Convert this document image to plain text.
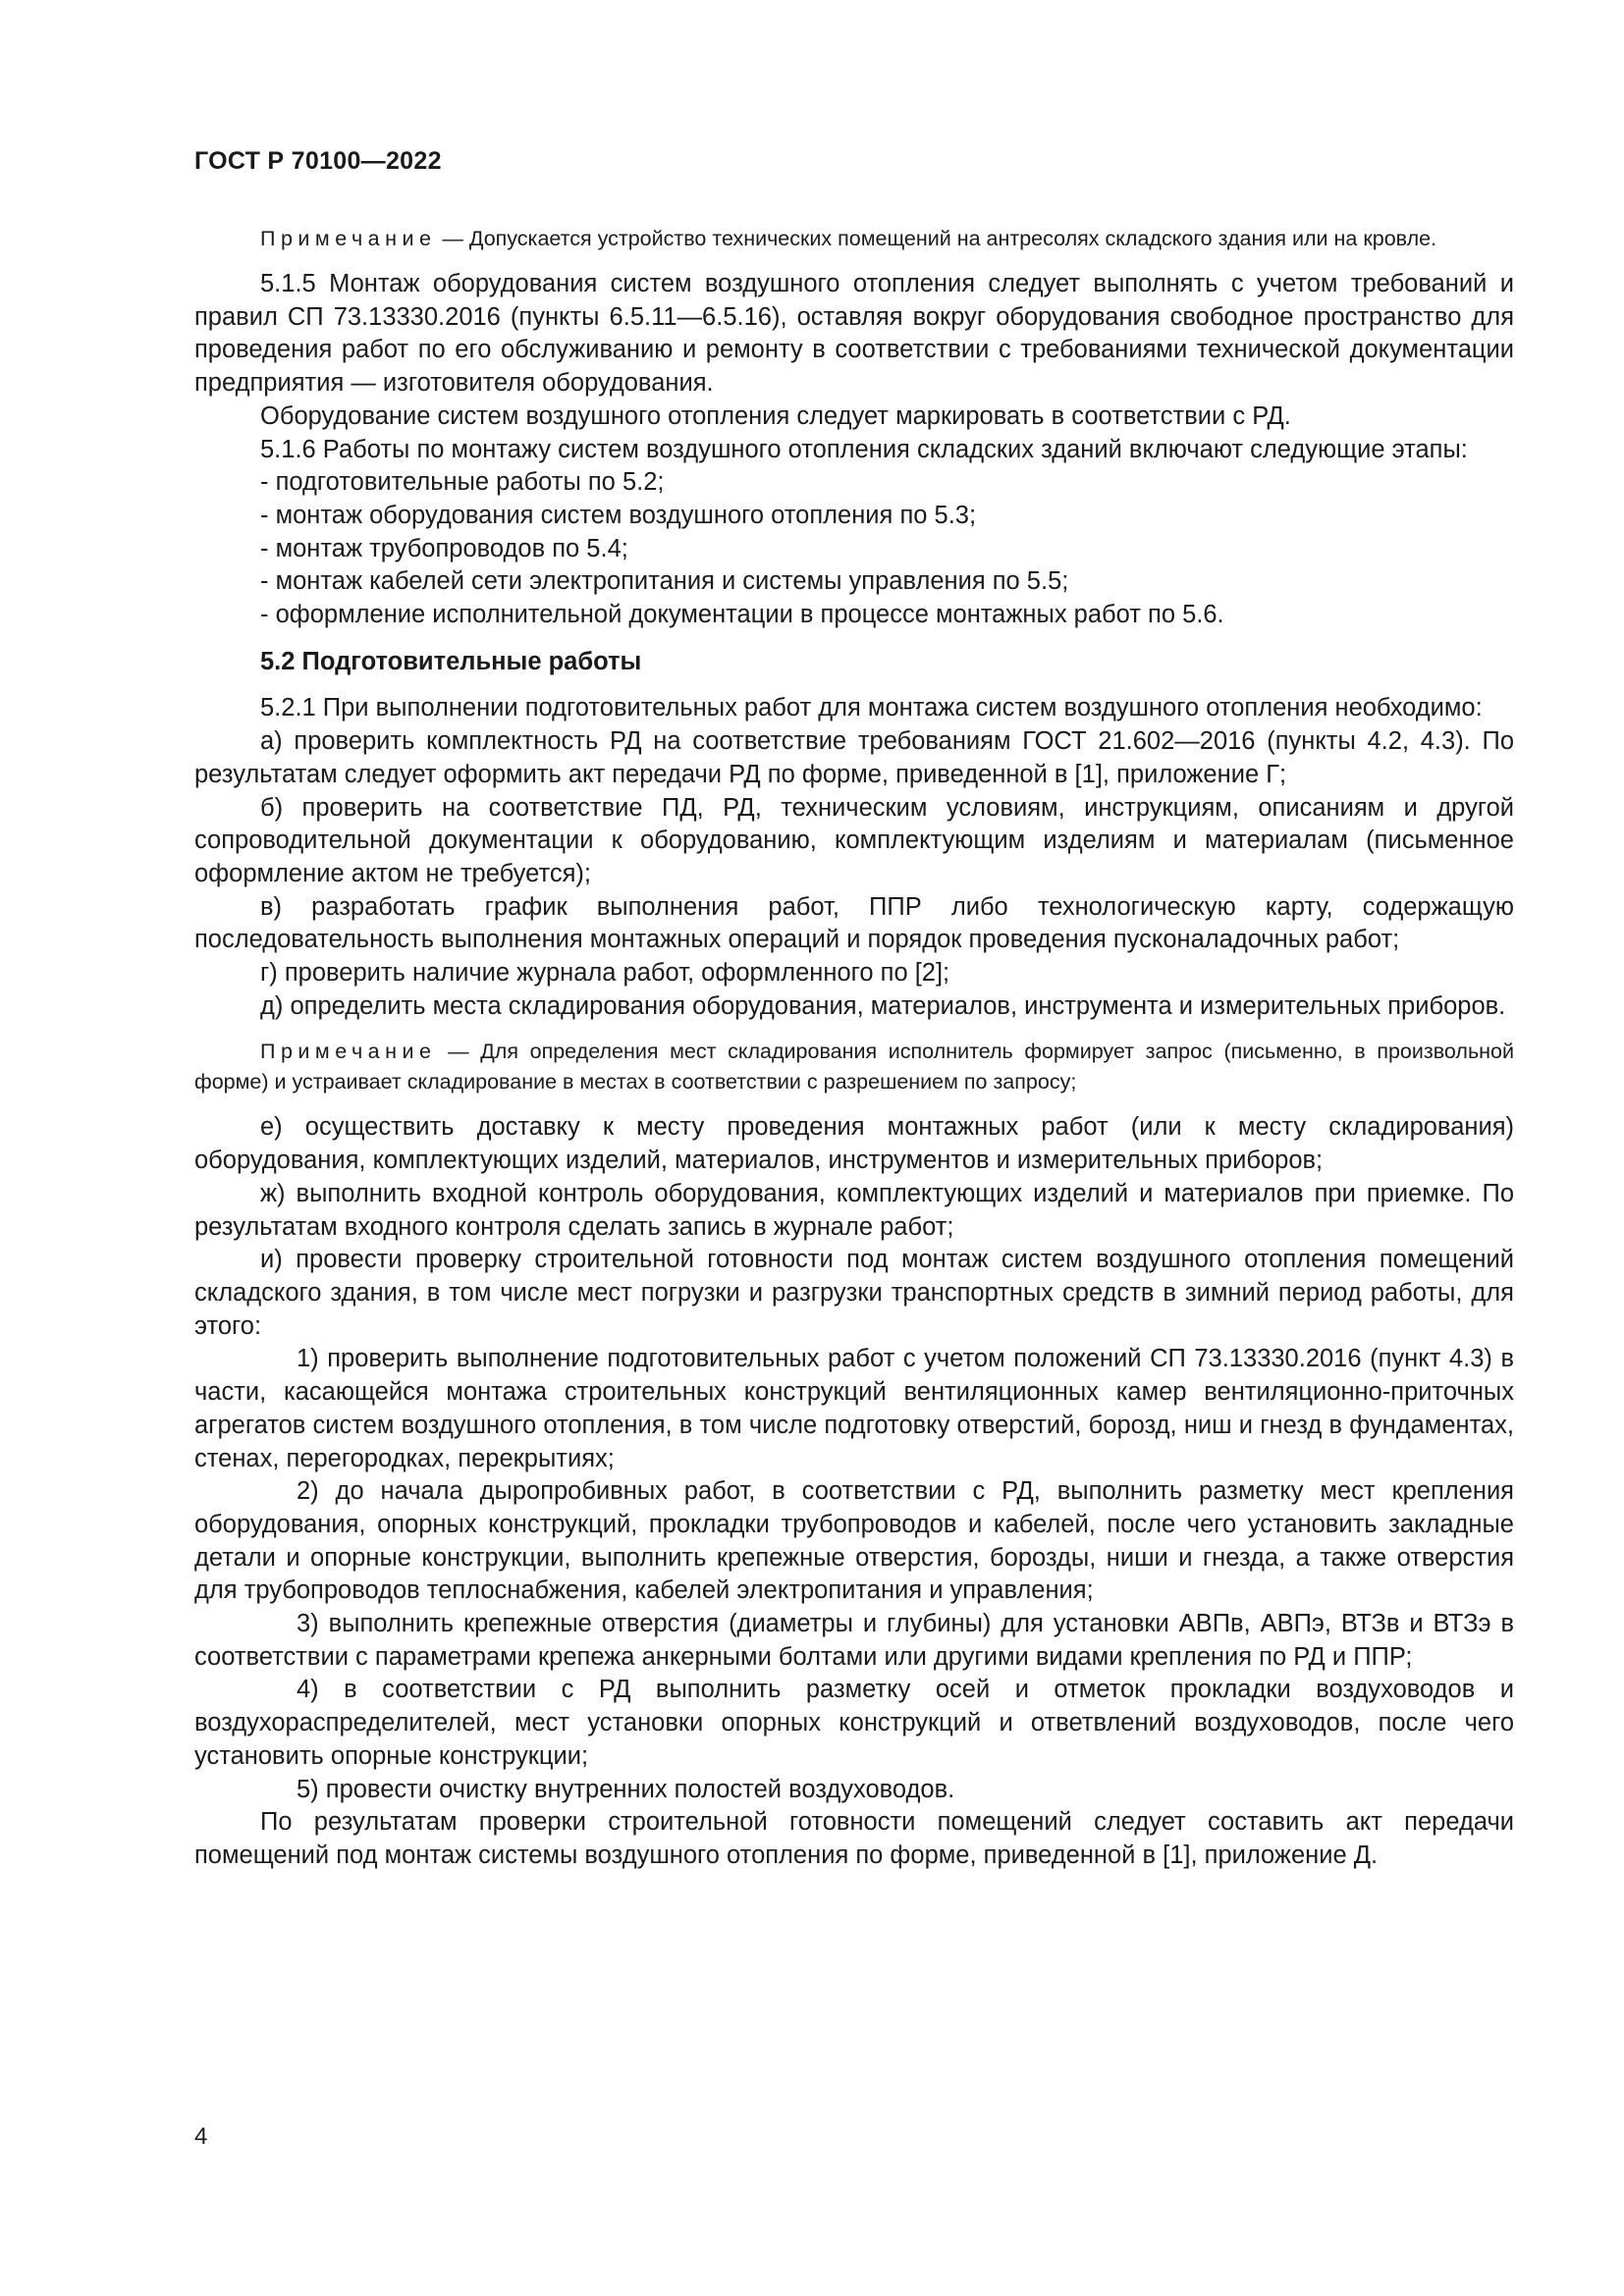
ГОСТ Р 70100—2022

Примечание — Допускается устройство технических помещений на антресолях складского здания или на кровле.

5.1.5 Монтаж оборудования систем воздушного отопления следует выполнять с учетом требований и правил СП 73.13330.2016 (пункты 6.5.11—6.5.16), оставляя вокруг оборудования свободное пространство для проведения работ по его обслуживанию и ремонту в соответствии с требованиями технической документации предприятия — изготовителя оборудования.

Оборудование систем воздушного отопления следует маркировать в соответствии с РД.

5.1.6 Работы по монтажу систем воздушного отопления складских зданий включают следующие этапы:

- подготовительные работы по 5.2;

- монтаж оборудования систем воздушного отопления по 5.3;

- монтаж трубопроводов по 5.4;

- монтаж кабелей сети электропитания и системы управления по 5.5;

- оформление исполнительной документации в процессе монтажных работ по 5.6.

5.2 Подготовительные работы

5.2.1 При выполнении подготовительных работ для монтажа систем воздушного отопления необходимо:

а) проверить комплектность РД на соответствие требованиям ГОСТ 21.602—2016 (пункты 4.2, 4.3). По результатам следует оформить акт передачи РД по форме, приведенной в [1], приложение Г;

б) проверить на соответствие ПД, РД, техническим условиям, инструкциям, описаниям и другой сопроводительной документации к оборудованию, комплектующим изделиям и материалам (письменное оформление актом не требуется);

в) разработать график выполнения работ, ППР либо технологическую карту, содержащую последовательность выполнения монтажных операций и порядок проведения пусконаладочных работ;

г) проверить наличие журнала работ, оформленного по [2];

д) определить места складирования оборудования, материалов, инструмента и измерительных приборов.

Примечание — Для определения мест складирования исполнитель формирует запрос (письменно, в произвольной форме) и устраивает складирование в местах в соответствии с разрешением по запросу;

е) осуществить доставку к месту проведения монтажных работ (или к месту складирования) оборудования, комплектующих изделий, материалов, инструментов и измерительных приборов;

ж) выполнить входной контроль оборудования, комплектующих изделий и материалов при приемке. По результатам входного контроля сделать запись в журнале работ;

и) провести проверку строительной готовности под монтаж систем воздушного отопления помещений складского здания, в том числе мест погрузки и разгрузки транспортных средств в зимний период работы, для этого:

1) проверить выполнение подготовительных работ с учетом положений СП 73.13330.2016 (пункт 4.3) в части, касающейся монтажа строительных конструкций вентиляционных камер вентиляционно-приточных агрегатов систем воздушного отопления, в том числе подготовку отверстий, борозд, ниш и гнезд в фундаментах, стенах, перегородках, перекрытиях;

2) до начала дыропробивных работ, в соответствии с РД, выполнить разметку мест крепления оборудования, опорных конструкций, прокладки трубопроводов и кабелей, после чего установить закладные детали и опорные конструкции, выполнить крепежные отверстия, борозды, ниши и гнезда, а также отверстия для трубопроводов теплоснабжения, кабелей электропитания и управления;

3) выполнить крепежные отверстия (диаметры и глубины) для установки АВПв, АВПэ, ВТЗв и ВТЗэ в соответствии с параметрами крепежа анкерными болтами или другими видами крепления по РД и ППР;

4) в соответствии с РД выполнить разметку осей и отметок прокладки воздуховодов и воздухораспределителей, мест установки опорных конструкций и ответвлений воздуховодов, после чего установить опорные конструкции;

5) провести очистку внутренних полостей воздуховодов.

По результатам проверки строительной готовности помещений следует составить акт передачи помещений под монтаж системы воздушного отопления по форме, приведенной в [1], приложение Д.

4
